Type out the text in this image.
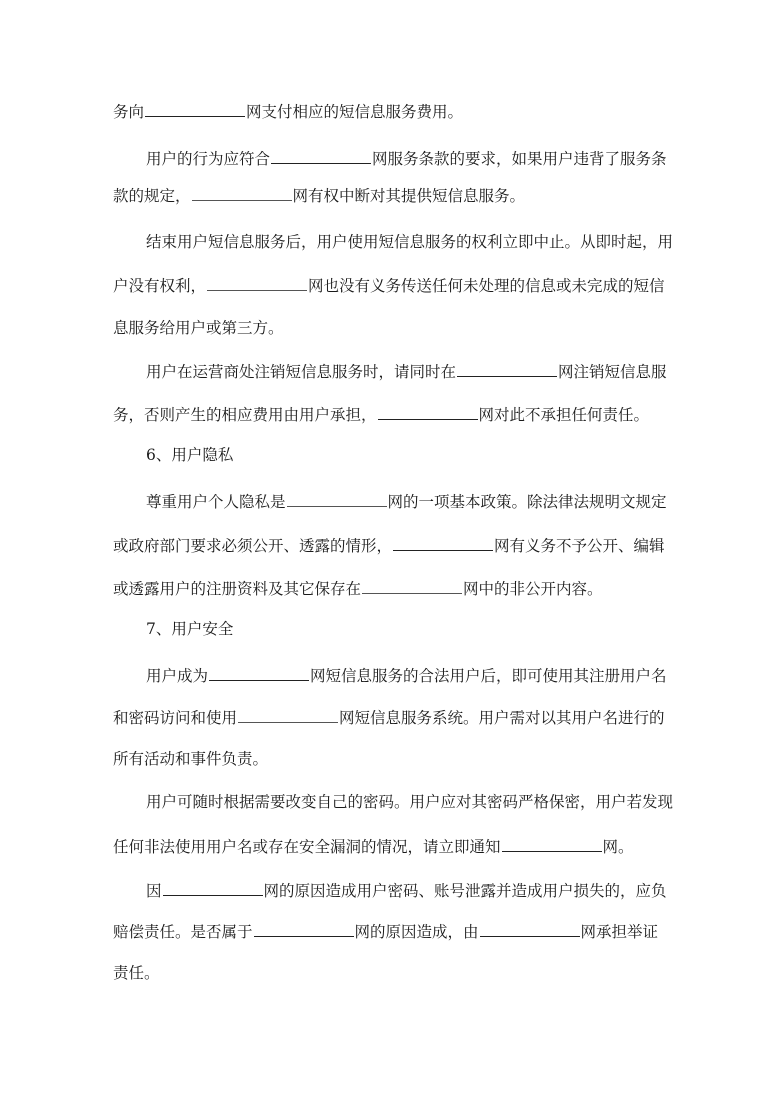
务向	网支付相应的短信息服务费用。
用户的行为应符合	网服务条款的要求，如果用户违背了服务条
款的规定，	网有权中断对其提供短信息服务。
结束用户短信息服务后，用户使用短信息服务的权利立即中止。从即时起，用
户没有权利，	网也没有义务传送任何未处理的信息或未完成的短信
息服务给用户或第三方。
用户在运营商处注销短信息服务时，请同时在	网注销短信息服
务，否则产生的相应费用由用户承担，	网对此不承担任何责任。
6、用户隐私
尊重用户个人隐私是	网的一项基本政策。除法律法规明文规定
或政府部门要求必须公开、透露的情形，	网有义务不予公开、编辑
或透露用户的注册资料及其它保存在	网中的非公开内容。
7、用户安全
用户成为	网短信息服务的合法用户后，即可使用其注册用户名
和密码访问和使用	网短信息服务系统。用户需对以其用户名进行的
所有活动和事件负责。
用户可随时根据需要改变自己的密码。用户应对其密码严格保密，用户若发现
任何非法使用用户名或存在安全漏洞的情况，请立即通知	网。
因	网的原因造成用户密码、账号泄露并造成用户损失的，应负
赔偿责任。是否属于	网的原因造成，由	网承担举证
责任。
